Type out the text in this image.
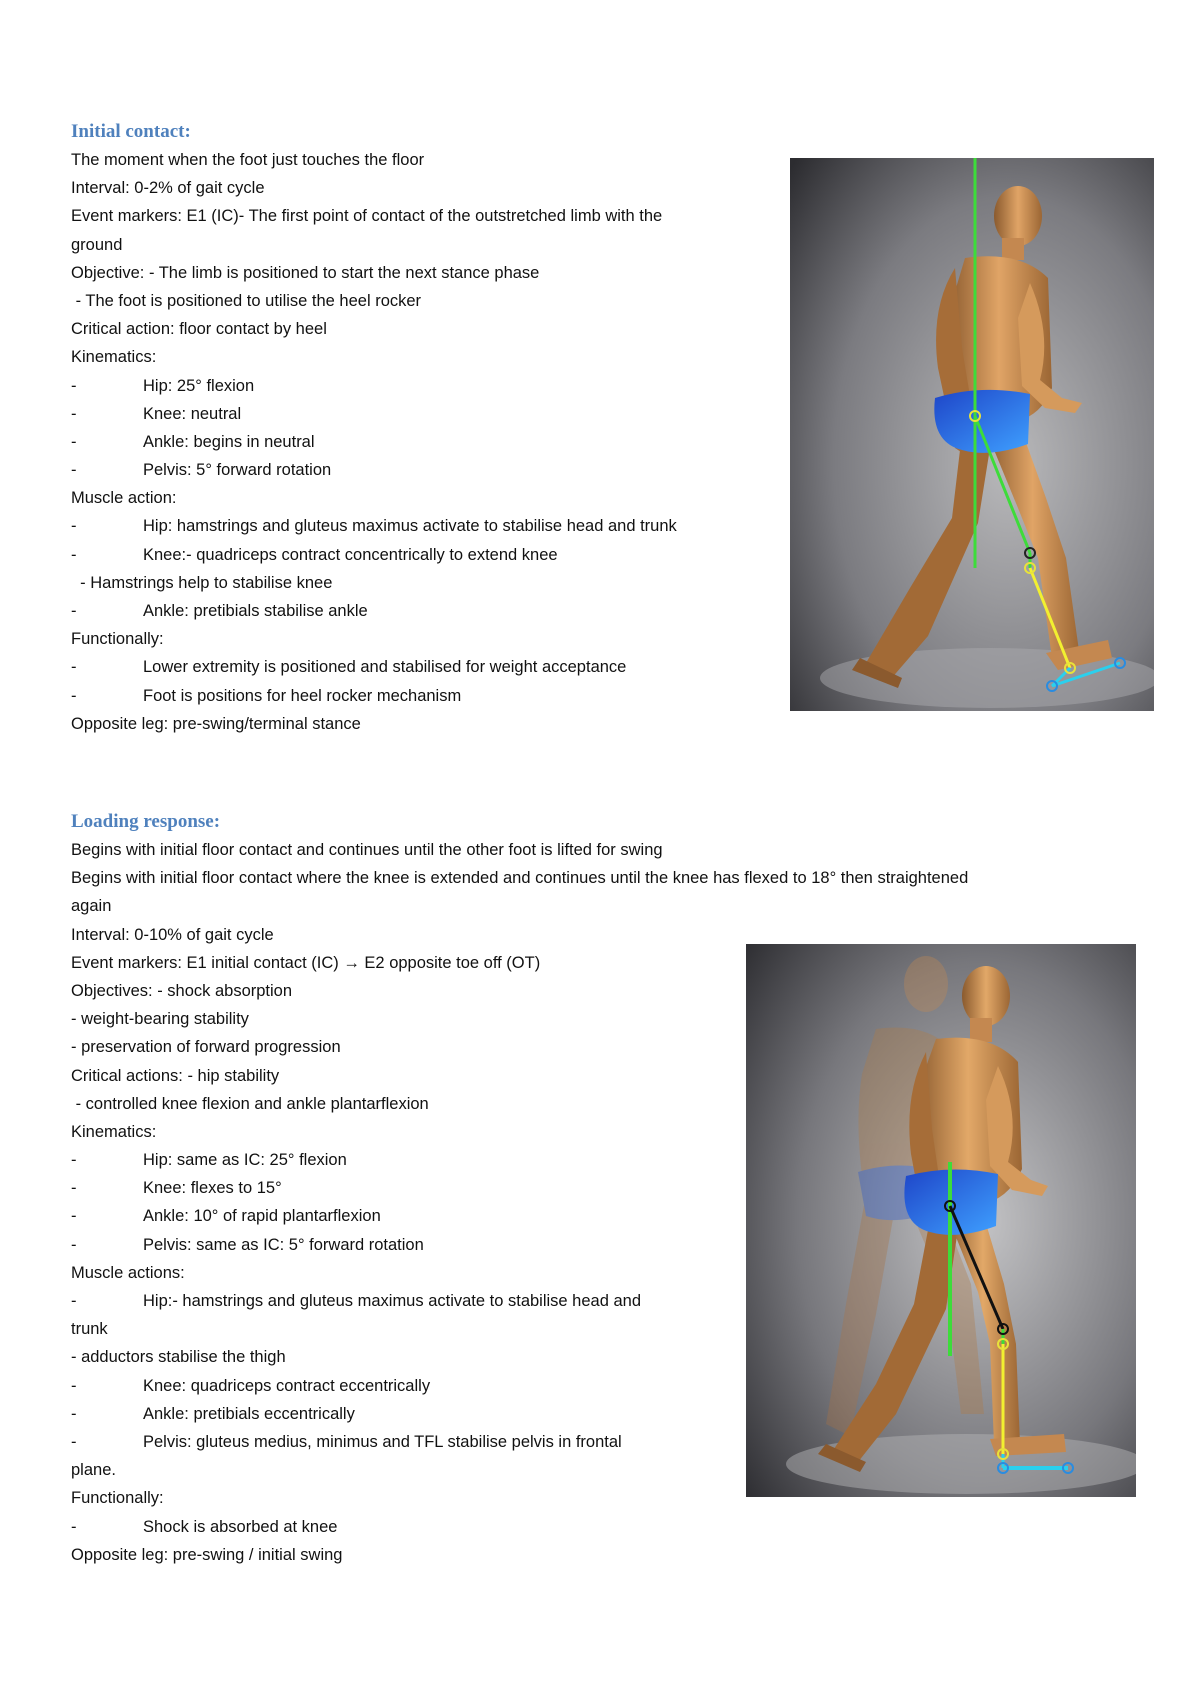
Initial contact:
The moment when the foot just touches the floor
Interval: 0-2% of gait cycle
Event markers: E1 (IC)- The first point of contact of the outstretched limb with the
ground
Objective: - The limb is positioned to start the next stance phase
- The foot is positioned to utilise the heel rocker
Critical action: floor contact by heel
Kinematics:
-	Hip: 25° flexion
-	Knee: neutral
-	Ankle: begins in neutral
-	Pelvis: 5° forward rotation
Muscle action:
-	Hip: hamstrings and gluteus maximus activate to stabilise head and trunk
-	Knee:- quadriceps contract concentrically to extend knee
- Hamstrings help to stabilise knee
-	Ankle: pretibials stabilise ankle
Functionally:
-	Lower extremity is positioned and stabilised for weight acceptance
-	Foot is positions for heel rocker mechanism
Opposite leg: pre-swing/terminal stance
Loading response:
Begins with initial floor contact and continues until the other foot is lifted for swing
Begins with initial floor contact where the knee is extended and continues until the knee has flexed to 18° then straightened
again
Interval: 0-10% of gait cycle
Event markers: E1 initial contact (IC) → E2 opposite toe off (OT)
Objectives: - shock absorption
- weight-bearing stability
- preservation of forward progression
Critical actions: - hip stability
- controlled knee flexion and ankle plantarflexion
Kinematics:
-	Hip: same as IC: 25° flexion
-	Knee: flexes to 15°
-	Ankle: 10° of rapid plantarflexion
-	Pelvis: same as IC: 5° forward rotation
Muscle actions:
-	Hip:- hamstrings and gluteus maximus activate to stabilise head and
trunk
- adductors stabilise the thigh
-	Knee: quadriceps contract eccentrically
-	Ankle: pretibials eccentrically
-	Pelvis: gluteus medius, minimus and TFL stabilise pelvis in frontal
plane.
Functionally:
-	Shock is absorbed at knee
Opposite leg: pre-swing / initial swing
